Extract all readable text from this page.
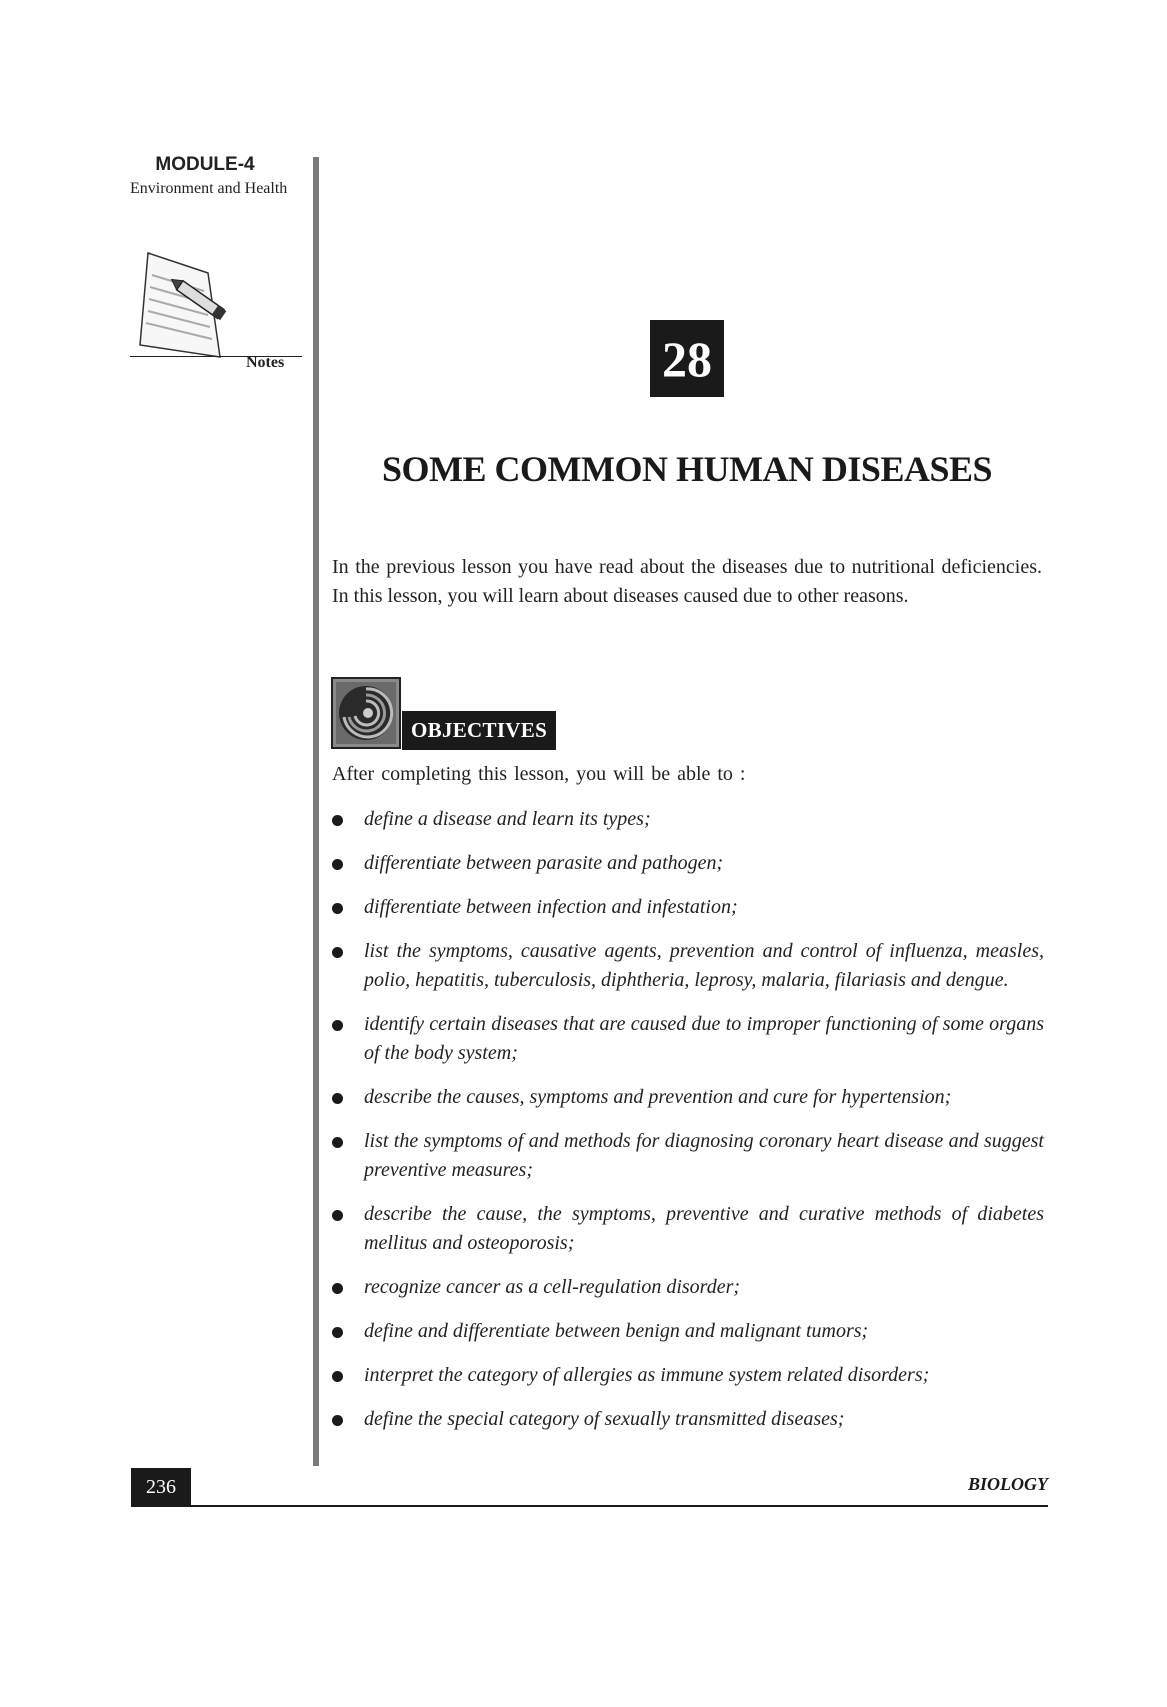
MODULE-4
Environment and Health
Notes	28
SOME COMMON HUMAN DISEASES

In the previous lesson you have read about the diseases due to nutritional deficiencies. In this lesson, you will learn about diseases caused due to other reasons.

OBJECTIVES

After completing this lesson, you will be able to :

define a disease and learn its types;
differentiate between parasite and pathogen;
differentiate between infection and infestation;
list the symptoms, causative agents, prevention and control of influenza, measles, polio, hepatitis, tuberculosis, diphtheria, leprosy, malaria, filariasis and dengue.
identify certain diseases that are caused due to improper functioning of some organs of the body system;
describe the causes, symptoms and prevention and cure for hypertension;
list the symptoms of and methods for diagnosing coronary heart disease and suggest preventive measures;
describe the cause, the symptoms, preventive and curative methods of diabetes mellitus and osteoporosis;
recognize cancer as a cell-regulation disorder;
define and differentiate between benign and malignant tumors;
interpret the category of allergies as immune system related disorders;
define the special category of sexually transmitted diseases;
236	BIOLOGY
